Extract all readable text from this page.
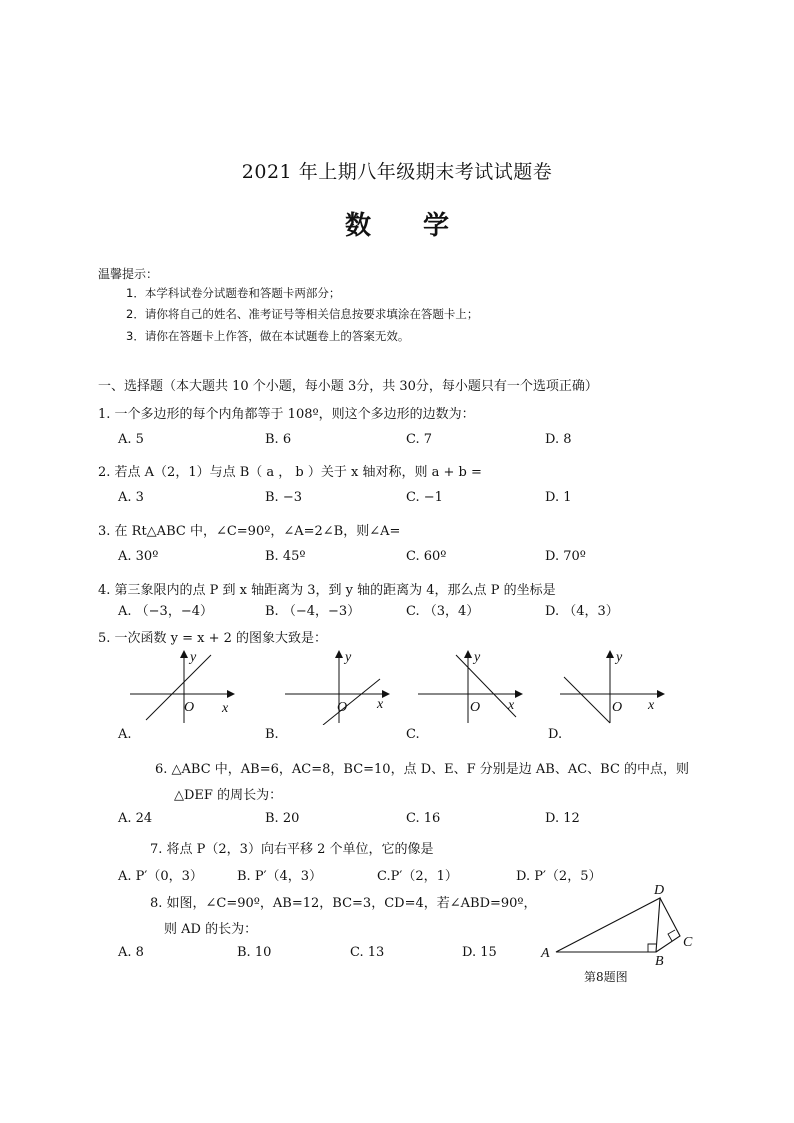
2021 年上期八年级期末考试试题卷
数　　学
温馨提示：
1．本学科试卷分试题卷和答题卡两部分；
2．请你将自己的姓名、准考证号等相关信息按要求填涂在答题卡上；
3．请你在答题卡上作答，做在本试题卷上的答案无效。
一、选择题（本大题共 10 个小题，每小题 3分，共 30分，每小题只有一个选项正确）
1. 一个多边形的每个内角都等于 108º，则这个多边形的边数为：
A. 5	B. 6	C. 7	D. 8
2. 若点 A（2，1）与点 B（ a ， b ）关于 x 轴对称，则 a + b =
A. 3	B. −3	C. −1	D. 1
3. 在 Rt△ABC 中，∠C=90º，∠A=2∠B，则∠A=
A. 30º	B. 45º	C. 60º	D. 70º
4. 第三象限内的点 P 到 x 轴距离为 3，到 y 轴的距离为 4，那么点 P 的坐标是
A. （−3，−4）	B. （−4，−3）	C. （3，4）	D. （4，3）
5. 一次函数 y = x + 2 的图象大致是：
y
x
O
A.
y
x
O
B.
y
x
O
C.
y
x
O
D.
6. △ABC 中，AB=6，AC=8，BC=10，点 D、E、F 分别是边 AB、AC、BC 的中点，则
△DEF 的周长为：
A. 24	B. 20	C. 16	D. 12
7. 将点 P（2，3）向右平移 2 个单位，它的像是
A. P′（0，3）	B. P′（4，3）	C.P′（2，1）	D. P′（2，5）
8. 如图，∠C=90º，AB=12，BC=3，CD=4，若∠ABD=90º，
则 AD 的长为：
A. 8	B. 10	C. 13	D. 15	A
B
C
D
第8题图
